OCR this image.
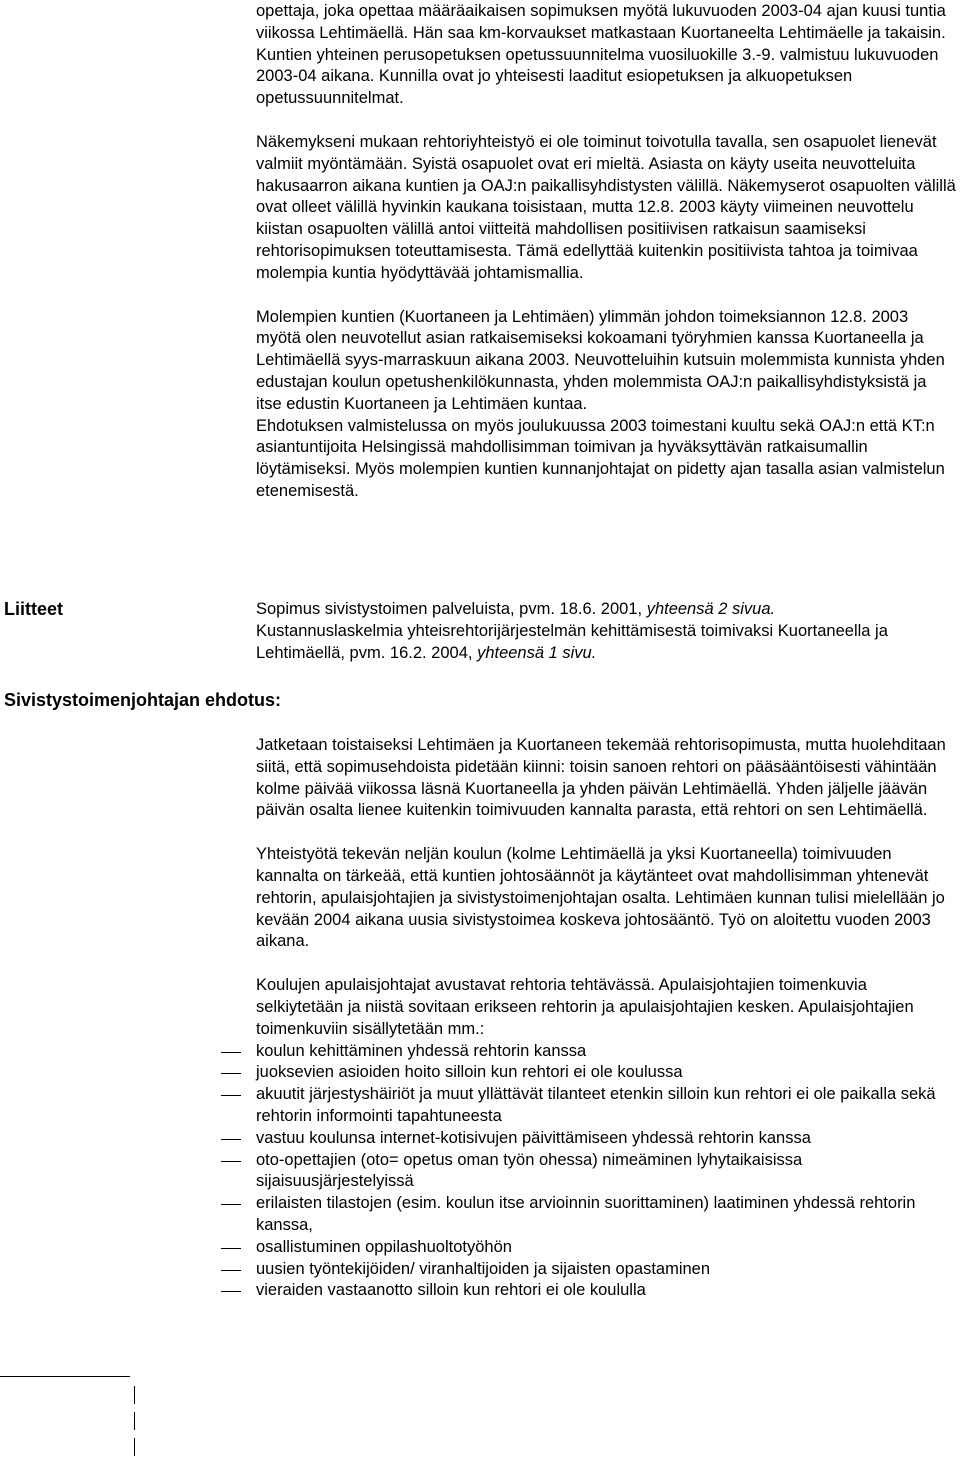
opettaja, joka opettaa määräaikaisen sopimuksen myötä lukuvuoden 2003-04 ajan kuusi tuntia viikossa Lehtimäellä. Hän saa km-korvaukset matkastaan Kuortaneelta Lehtimäelle ja takaisin. Kuntien yhteinen perusopetuksen opetussuunnitelma vuosiluokille 3.-9. valmistuu lukuvuoden 2003-04 aikana. Kunnilla ovat jo yhteisesti laaditut esiopetuksen ja alkuopetuksen opetussuunnitelmat.

Näkemykseni mukaan rehtoriyhteistyö ei ole toiminut toivotulla tavalla, sen osapuolet lienevät valmiit myöntämään. Syistä osapuolet ovat eri mieltä. Asiasta on käyty useita neuvotteluita hakusaarron aikana kuntien ja OAJ:n paikallisyhdistysten välillä. Näkemyserot osapuolten välillä ovat olleet välillä hyvinkin kaukana toisistaan, mutta 12.8. 2003 käyty viimeinen neuvottelu kiistan osapuolten välillä antoi viitteitä mahdollisen positiivisen ratkaisun saamiseksi rehtorisopimuksen toteuttamisesta. Tämä edellyttää kuitenkin positiivista tahtoa ja toimivaa molempia kuntia hyödyttävää johtamismallia.

Molempien kuntien (Kuortaneen ja Lehtimäen) ylimmän johdon toimeksiannon 12.8. 2003 myötä olen neuvotellut asian ratkaisemiseksi kokoamani työryhmien kanssa Kuortaneella ja Lehtimäellä syys-marraskuun aikana 2003. Neuvotteluihin kutsuin molemmista kunnista yhden edustajan koulun opetushenkilökunnasta, yhden molemmista OAJ:n paikallisyhdistyksistä ja itse edustin Kuortaneen ja Lehtimäen kuntaa.

Ehdotuksen valmistelussa on myös joulukuussa 2003 toimestani kuultu sekä OAJ:n että KT:n asiantuntijoita Helsingissä mahdollisimman toimivan ja hyväksyttävän ratkaisumallin löytämiseksi. Myös molempien kuntien kunnanjohtajat on pidetty ajan tasalla asian valmistelun etenemisestä.

Liitteet	Sopimus sivistystoimen palveluista, pvm. 18.6. 2001, yhteensä 2 sivua.
Kustannuslaskelmia yhteisrehtorijärjestelmän kehittämisestä toimivaksi Kuortaneella ja Lehtimäellä, pvm. 16.2. 2004, yhteensä 1 sivu.
Sivistystoimenjohtajan ehdotus:

Jatketaan toistaiseksi Lehtimäen ja Kuortaneen tekemää rehtorisopimusta, mutta huolehditaan siitä, että sopimusehdoista pidetään kiinni: toisin sanoen rehtori on pääsääntöisesti vähintään kolme päivää viikossa läsnä Kuortaneella ja yhden päivän Lehtimäellä. Yhden jäljelle jäävän päivän osalta lienee kuitenkin toimivuuden kannalta parasta, että rehtori on sen Lehtimäellä.

Yhteistyötä tekevän neljän koulun (kolme Lehtimäellä ja yksi Kuortaneella) toimivuuden kannalta on tärkeää, että kuntien johtosäännöt ja käytänteet ovat mahdollisimman yhtenevät rehtorin, apulaisjohtajien ja sivistystoimenjohtajan osalta. Lehtimäen kunnan tulisi mielellään jo kevään 2004 aikana uusia sivistystoimea koskeva johtosääntö. Työ on aloitettu vuoden 2003 aikana.

Koulujen apulaisjohtajat avustavat rehtoria tehtävässä. Apulaisjohtajien toimenkuvia selkiytetään ja niistä sovitaan erikseen rehtorin ja apulaisjohtajien kesken. Apulaisjohtajien toimenkuviin sisällytetään mm.:

koulun kehittäminen yhdessä rehtorin kanssa
juoksevien asioiden hoito silloin kun rehtori ei ole koulussa
akuutit järjestyshäiriöt ja muut yllättävät tilanteet etenkin silloin kun rehtori ei ole paikalla sekä rehtorin informointi tapahtuneesta
vastuu koulunsa internet-kotisivujen päivittämiseen yhdessä rehtorin kanssa
oto-opettajien (oto= opetus oman työn ohessa) nimeäminen lyhytaikaisissa sijaisuusjärjestelyissä
erilaisten tilastojen (esim. koulun itse arvioinnin suorittaminen) laatiminen yhdessä rehtorin kanssa,
osallistuminen oppilashuoltotyöhön
uusien työntekijöiden/ viranhaltijoiden ja sijaisten opastaminen
vieraiden vastaanotto silloin kun rehtori ei ole koululla
